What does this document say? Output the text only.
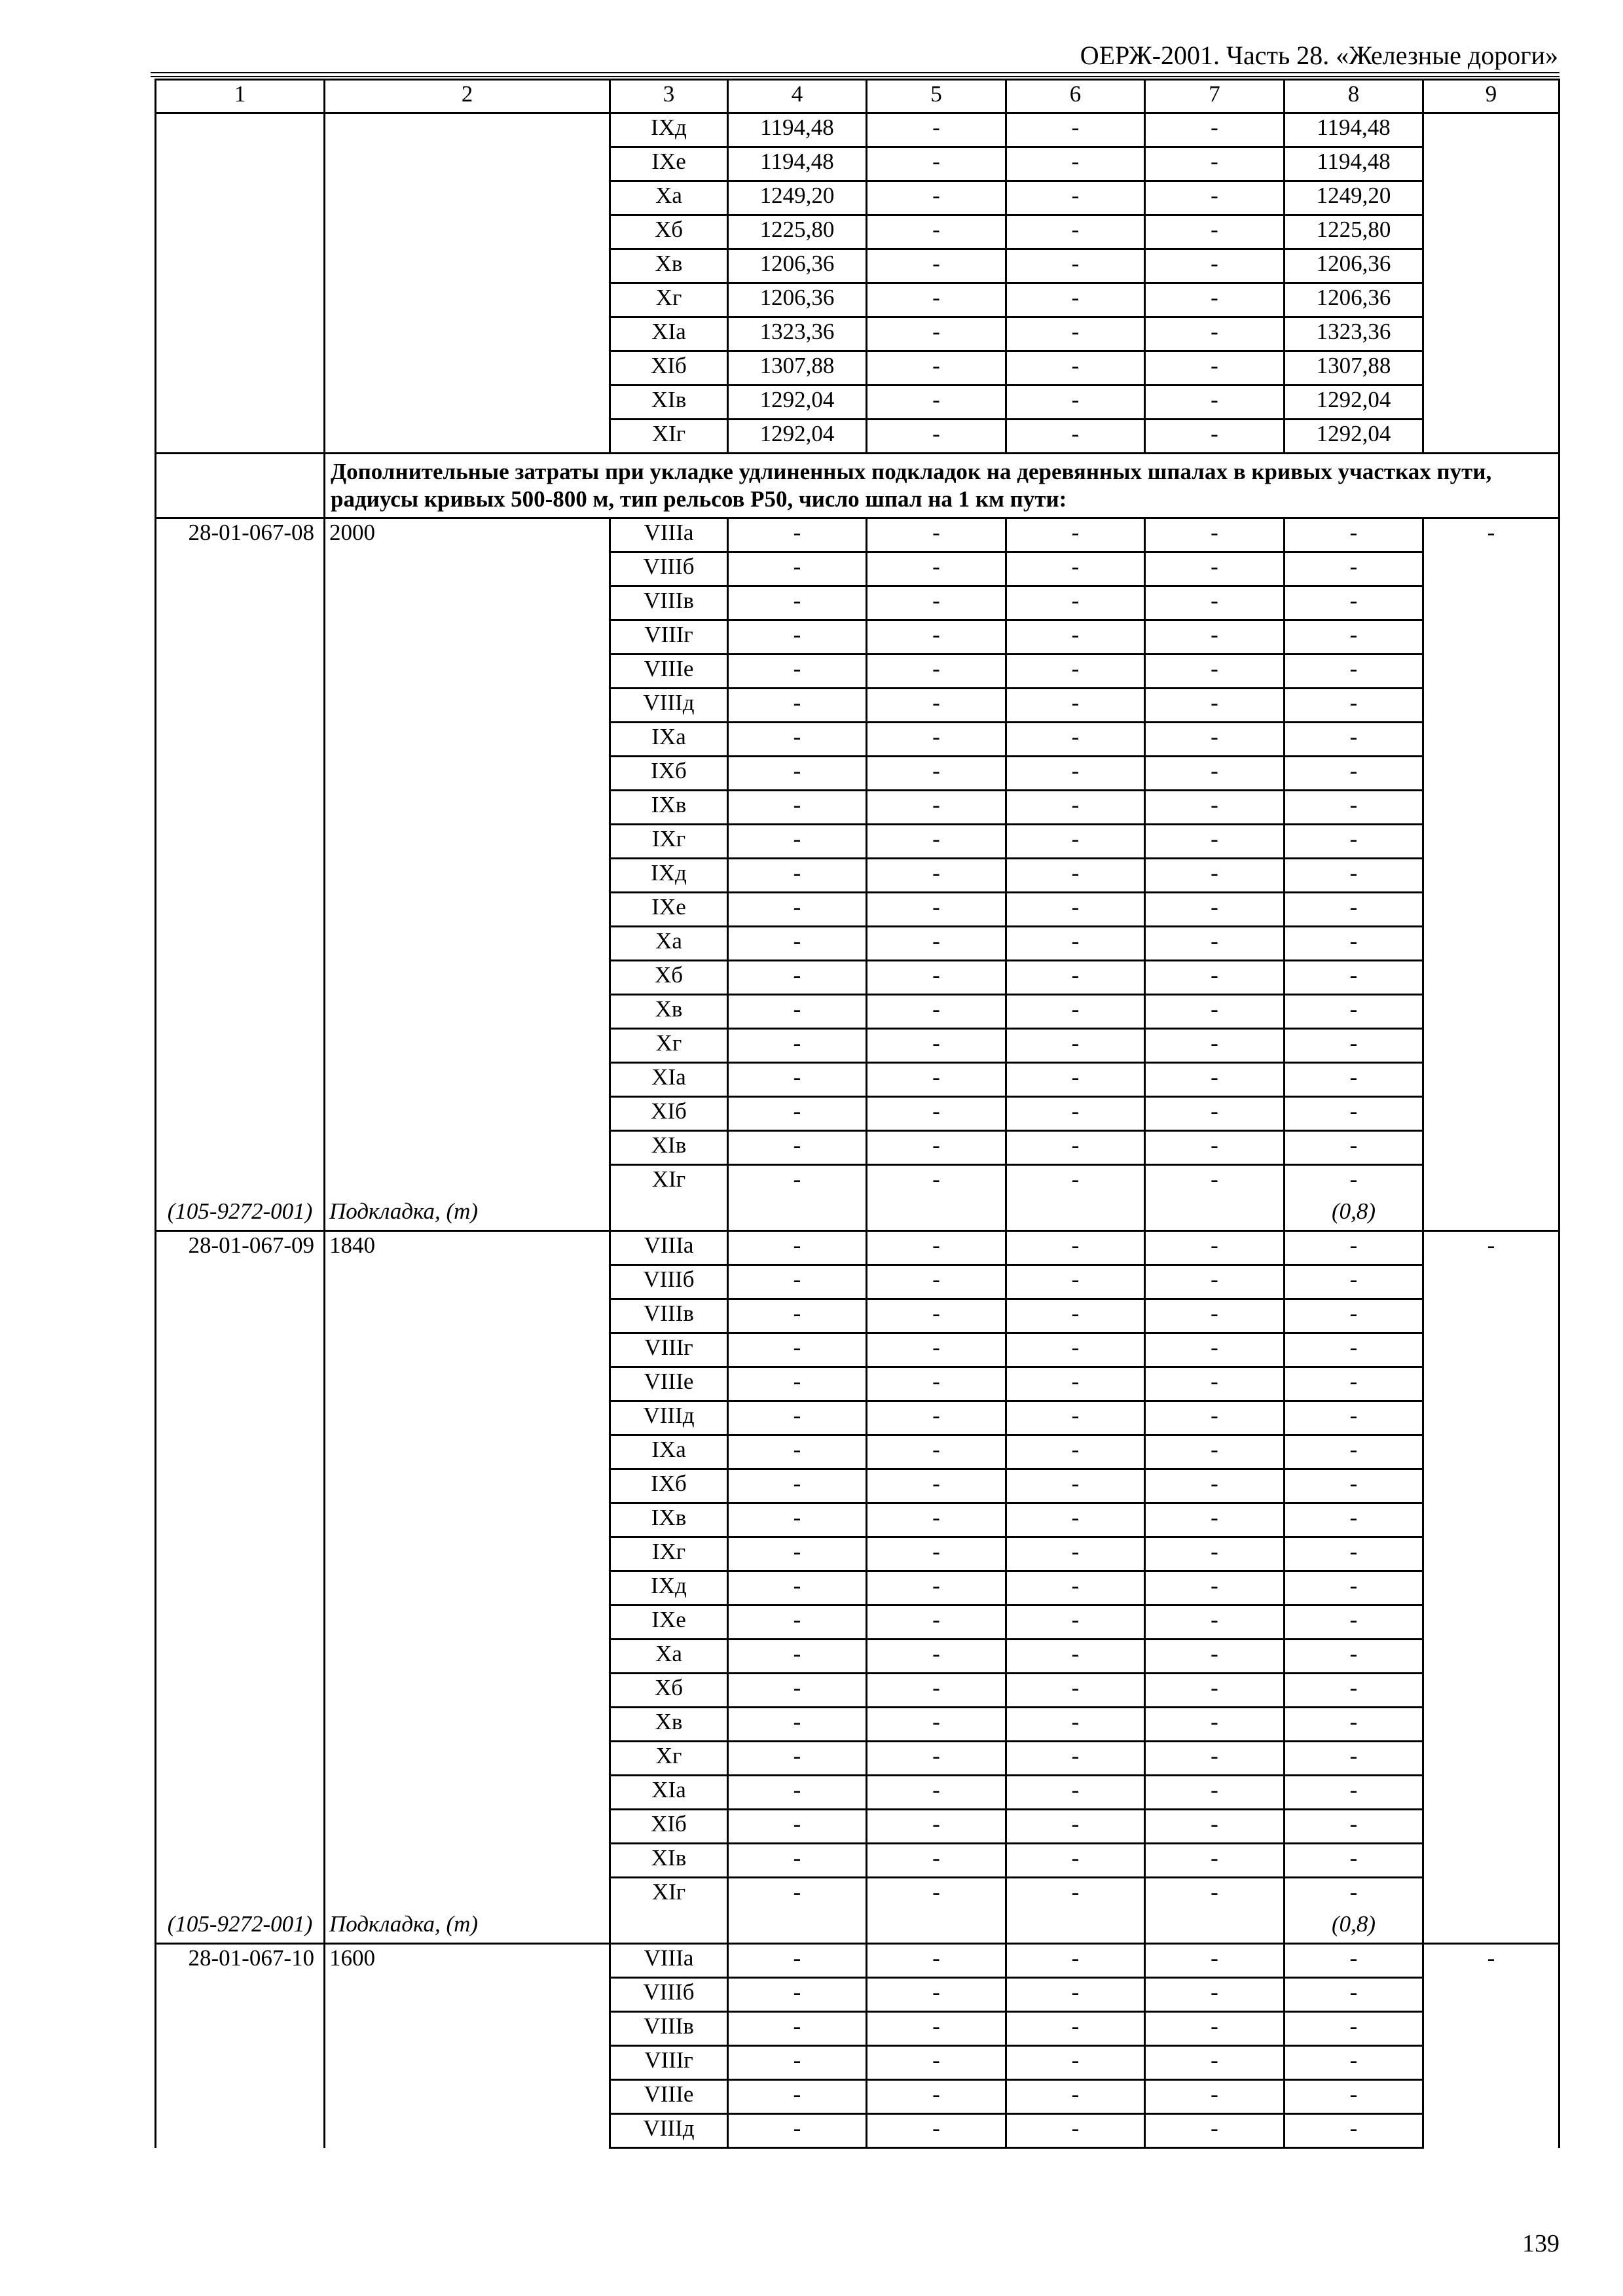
ОЕРЖ-2001. Часть 28. «Железные дороги»
1	2	3	4	5	6	7	8	9
		IXд	1194,48	-	-	-	1194,48	
		IXе	1194,48	-	-	-	1194,48	
		Xа	1249,20	-	-	-	1249,20	
		Xб	1225,80	-	-	-	1225,80	
		Xв	1206,36	-	-	-	1206,36	
		Xг	1206,36	-	-	-	1206,36	
		XIа	1323,36	-	-	-	1323,36	
		XIб	1307,88	-	-	-	1307,88	
		XIв	1292,04	-	-	-	1292,04	
		XIг	1292,04	-	-	-	1292,04	
	Дополнительные затраты при укладке удлиненных подкладок на деревянных шпалах в кривых участках пути, радиусы кривых 500-800 м, тип рельсов Р50, число шпал на 1 км пути:							
28-01-067-08	2000	VIIIа	-	-	-	-	-	-
		VIIIб	-	-	-	-	-	
		VIIIв	-	-	-	-	-	
		VIIIг	-	-	-	-	-	
		VIIIе	-	-	-	-	-	
		VIIIд	-	-	-	-	-	
		IXа	-	-	-	-	-	
		IXб	-	-	-	-	-	
		IXв	-	-	-	-	-	
		IXг	-	-	-	-	-	
		IXд	-	-	-	-	-	
		IXе	-	-	-	-	-	
		Xа	-	-	-	-	-	
		Xб	-	-	-	-	-	
		Xв	-	-	-	-	-	
		Xг	-	-	-	-	-	
		XIа	-	-	-	-	-	
		XIб	-	-	-	-	-	
		XIв	-	-	-	-	-	
		XIг	-	-	-	-	-	
(105-9272-001)	Подкладка, (т)						(0,8)	
28-01-067-09	1840	VIIIа	-	-	-	-	-	-
		VIIIб	-	-	-	-	-	
		VIIIв	-	-	-	-	-	
		VIIIг	-	-	-	-	-	
		VIIIе	-	-	-	-	-	
		VIIIд	-	-	-	-	-	
		IXа	-	-	-	-	-	
		IXб	-	-	-	-	-	
		IXв	-	-	-	-	-	
		IXг	-	-	-	-	-	
		IXд	-	-	-	-	-	
		IXе	-	-	-	-	-	
		Xа	-	-	-	-	-	
		Xб	-	-	-	-	-	
		Xв	-	-	-	-	-	
		Xг	-	-	-	-	-	
		XIа	-	-	-	-	-	
		XIб	-	-	-	-	-	
		XIв	-	-	-	-	-	
		XIг	-	-	-	-	-	
(105-9272-001)	Подкладка, (т)						(0,8)	
28-01-067-10	1600	VIIIа	-	-	-	-	-	-
		VIIIб	-	-	-	-	-	
		VIIIв	-	-	-	-	-	
		VIIIг	-	-	-	-	-	
		VIIIе	-	-	-	-	-	
		VIIIд	-	-	-	-	-	
139
